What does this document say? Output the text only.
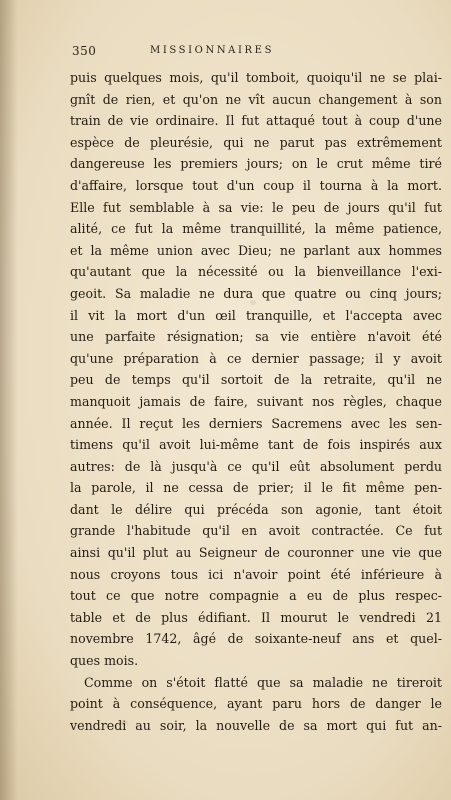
350	MISSIONNAIRES
puis quelques mois, qu'il tomboit, quoiqu'il ne se plai-
gnît de rien, et qu'on ne vît aucun changement à son
train de vie ordinaire. Il fut attaqué tout à coup d'une
espèce de pleurésie, qui ne parut pas extrêmement
dangereuse les premiers jours; on le crut même tiré
d'affaire, lorsque tout d'un coup il tourna à la mort.
Elle fut semblable à sa vie: le peu de jours qu'il fut
alité, ce fut la même tranquillité, la même patience,
et la même union avec Dieu; ne parlant aux hommes
qu'autant que la nécessité ou la bienveillance l'exi-
geoit. Sa maladie ne dura que quatre ou cinq jours;
il vit la mort d'un œil tranquille, et l'accepta avec
une parfaite résignation; sa vie entière n'avoit été
qu'une préparation à ce dernier passage; il y avoit
peu de temps qu'il sortoit de la retraite, qu'il ne
manquoit jamais de faire, suivant nos règles, chaque
année. Il reçut les derniers Sacremens avec les sen-
timens qu'il avoit lui-même tant de fois inspirés aux
autres: de là jusqu'à ce qu'il eût absolument perdu
la parole, il ne cessa de prier; il le fit même pen-
dant le délire qui précéda son agonie, tant étoit
grande l'habitude qu'il en avoit contractée. Ce fut
ainsi qu'il plut au Seigneur de couronner une vie que
nous croyons tous ici n'avoir point été inférieure à
tout ce que notre compagnie a eu de plus respec-
table et de plus édifiant. Il mourut le vendredi 21
novembre 1742, âgé de soixante-neuf ans et quel-
ques mois.
Comme on s'étoit flatté que sa maladie ne tireroit
point à conséquence, ayant paru hors de danger le
vendredi au soir, la nouvelle de sa mort qui fut an-
